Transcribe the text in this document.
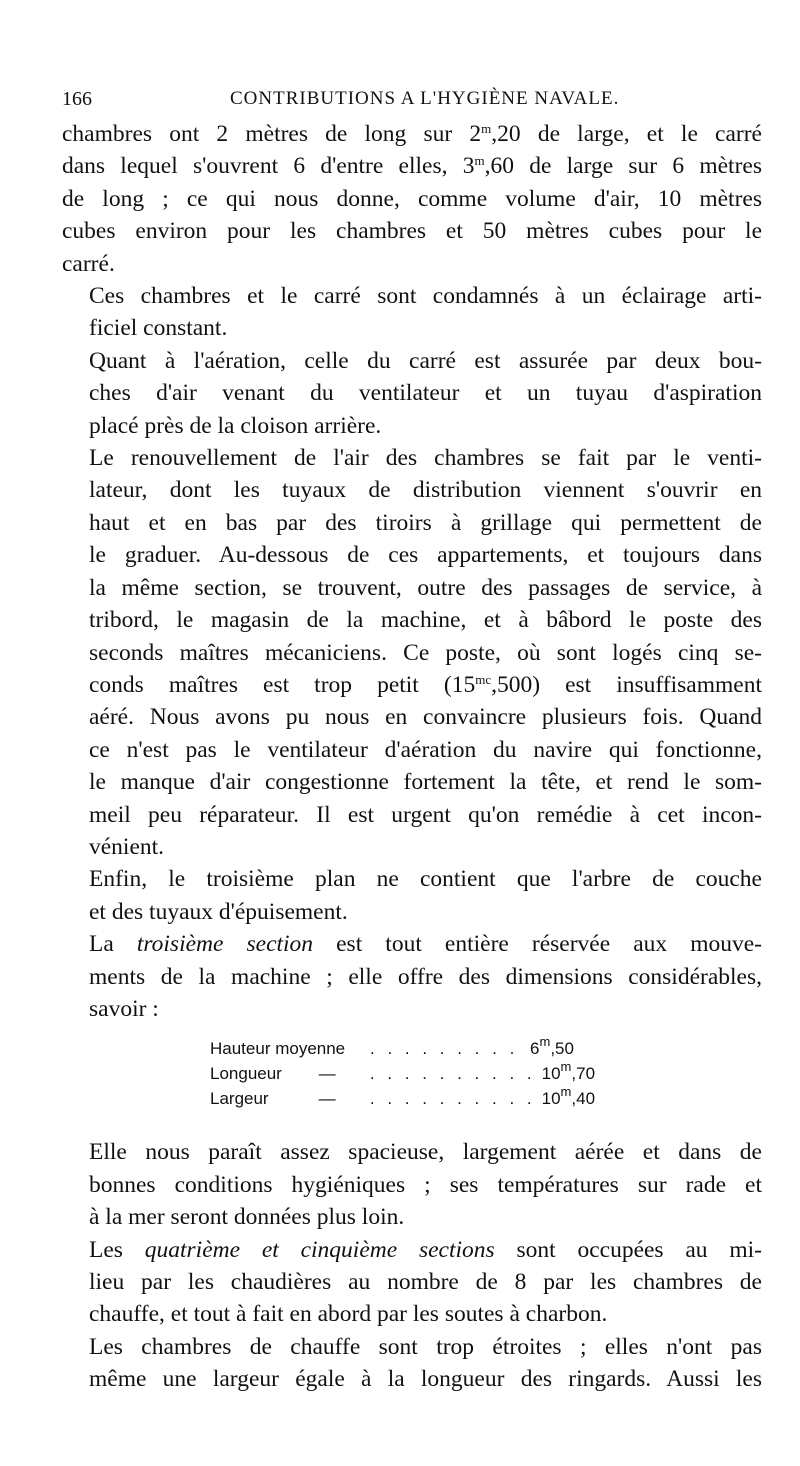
166	CONTRIBUTIONS A L'HYGIÈNE NAVALE.

chambres ont 2 mètres de long sur 2$^m$,20 de large, et le carré
dans lequel s'ouvrent 6 d'entre elles, 3$^m$,60 de large sur 6 mètres
de long ; ce qui nous donne, comme volume d'air, 10 mètres
cubes environ pour les chambres et 50 mètres cubes pour le
carré.

Ces chambres et le carré sont condamnés à un éclairage arti-
ficiel constant.

Quant à l'aération, celle du carré est assurée par deux bou-
ches d'air venant du ventilateur et un tuyau d'aspiration
placé près de la cloison arrière.

Le renouvellement de l'air des chambres se fait par le venti-
lateur, dont les tuyaux de distribution viennent s'ouvrir en
haut et en bas par des tiroirs à grillage qui permettent de
le graduer. Au-dessous de ces appartements, et toujours dans
la même section, se trouvent, outre des passages de service, à
tribord, le magasin de la machine, et à bâbord le poste des
seconds maîtres mécaniciens. Ce poste, où sont logés cinq se-
conds maîtres est trop petit $(15^{mc},500)$ est insuffisamment
aéré. Nous avons pu nous en convaincre plusieurs fois. Quand
ce n'est pas le ventilateur d'aération du navire qui fonctionne,
le manque d'air congestionne fortement la tête, et rend le som-
meil peu réparateur. Il est urgent qu'on remédie à cet incon-
vénient.

Enfin, le troisième plan ne contient que l'arbre de couche
et des tuyaux d'épuisement.

La troisième section est tout entière réservée aux mouve-
ments de la machine ; elle offre des dimensions considérables,
savoir :

Hauteur moyenne	. . . . . . . . . 6$^m$,50
Longueur	—	. . . . . . . . . . 10$^m$,70
Largeur	—	. . . . . . . . . . 10$^m$,40

Elle nous paraît assez spacieuse, largement aérée et dans de
bonnes conditions hygiéniques ; ses températures sur rade et
à la mer seront données plus loin.

Les quatrième et cinquième sections sont occupées au mi-
lieu par les chaudières au nombre de 8 par les chambres de
chauffe, et tout à fait en abord par les soutes à charbon.

Les chambres de chauffe sont trop étroites ; elles n'ont pas
même une largeur égale à la longueur des ringards. Aussi les
